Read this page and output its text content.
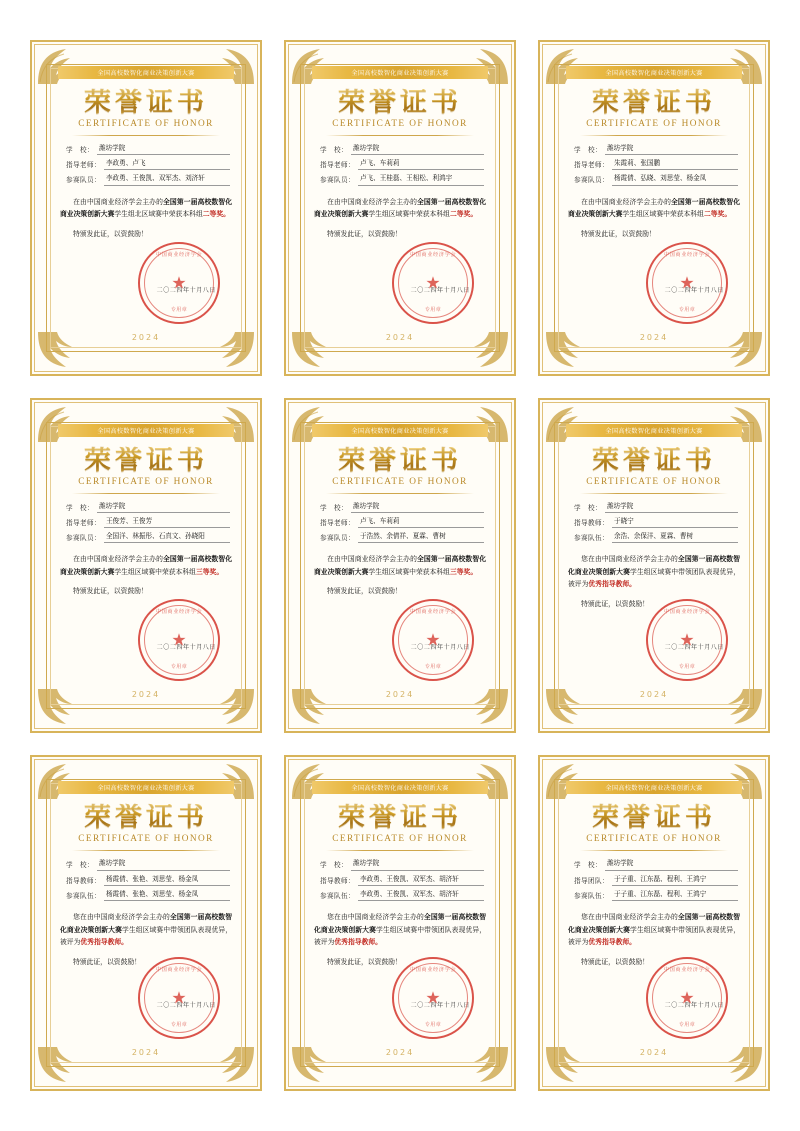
全国高校数智化商业决策创新大赛
荣誉证书
CERTIFICATE OF HONOR
学　校： 潍坊学院
指导老师： 李政勇、卢飞
参赛队员： 李政勇、王俊凯、双军杰、刘济轩
在由中国商业经济学会主办的全国第一届高校数智化商业决策创新大赛学生组北区域赛中荣获本科组二等奖。
特颁发此证，以资鼓励！
二〇二四年十月八日
中国商业经济学会
★
专用章
2024
全国高校数智化商业决策创新大赛
荣誉证书
CERTIFICATE OF HONOR
学　校： 潍坊学院
指导老师： 卢飞、车莉莉
参赛队员： 卢飞、王桂磊、王相松、利鸿宇
在由中国商业经济学会主办的全国第一届高校数智化商业决策创新大赛学生组区域赛中荣获本科组二等奖。
特颁发此证，以资鼓励！
二〇二四年十月八日
中国商业经济学会
★
专用章
2024
全国高校数智化商业决策创新大赛
荣誉证书
CERTIFICATE OF HONOR
学　校： 潍坊学院
指导老师： 朱霞莉、张国鹏
参赛队员： 杨霞倩、弘晓、刘思莹、杨金凤
在由中国商业经济学会主办的全国第一届高校数智化商业决策创新大赛学生组区域赛中荣获本科组二等奖。
特颁发此证，以资鼓励！
二〇二四年十月八日
中国商业经济学会
★
专用章
2024
全国高校数智化商业决策创新大赛
荣誉证书
CERTIFICATE OF HONOR
学　校： 潍坊学院
指导老师： 王俊芳、王俊芳
参赛队员： 全国洋、林振彤、石真文、孙晓阳
在由中国商业经济学会主办的全国第一届高校数智化商业决策创新大赛学生组区域赛中荣获本科组三等奖。
特颁发此证，以资鼓励！
二〇二四年十月八日
中国商业经济学会
★
专用章
2024
全国高校数智化商业决策创新大赛
荣誉证书
CERTIFICATE OF HONOR
学　校： 潍坊学院
指导老师： 卢飞、车莉莉
参赛队员： 于浩然、余倩祥、夏霖、曹树
在由中国商业经济学会主办的全国第一届高校数智化商业决策创新大赛学生组区域赛中荣获本科组三等奖。
特颁发此证，以资鼓励！
二〇二四年十月八日
中国商业经济学会
★
专用章
2024
全国高校数智化商业决策创新大赛
荣誉证书
CERTIFICATE OF HONOR
学　校： 潍坊学院
指导教师： 于晓宁
参赛队伍： 余浩、余保洋、夏霖、曹树
您在由中国商业经济学会主办的全国第一届高校数智化商业决策创新大赛学生组区域赛中带领团队表现优异，被评为优秀指导教师。
特颁此证，以资鼓励！
二〇二四年十月八日
中国商业经济学会
★
专用章
2024
全国高校数智化商业决策创新大赛
荣誉证书
CERTIFICATE OF HONOR
学　校： 潍坊学院
指导教师： 杨霞倩、张艳、刘思莹、杨金凤
参赛队伍： 杨霞倩、张艳、刘思莹、杨金凤
您在由中国商业经济学会主办的全国第一届高校数智化商业决策创新大赛学生组区域赛中带领团队表现优异，被评为优秀指导教师。
特颁此证，以资鼓励！
二〇二四年十月八日
中国商业经济学会
★
专用章
2024
全国高校数智化商业决策创新大赛
荣誉证书
CERTIFICATE OF HONOR
学　校： 潍坊学院
指导教师： 李政勇、王俊凯、双军杰、胡济轩
参赛队伍： 李政勇、王俊凯、双军杰、胡济轩
您在由中国商业经济学会主办的全国第一届高校数智化商业决策创新大赛学生组区域赛中带领团队表现优异，被评为优秀指导教师。
特颁发此证，以资鼓励！
二〇二四年十月八日
中国商业经济学会
★
专用章
2024
全国高校数智化商业决策创新大赛
荣誉证书
CERTIFICATE OF HONOR
学　校： 潍坊学院
指导团队： 于子重、江东磊、程利、王鸿宁
参赛队伍： 于子重、江东磊、程利、王鸿宁
您在由中国商业经济学会主办的全国第一届高校数智化商业决策创新大赛学生组区域赛中带领团队表现优异，被评为优秀指导教师。
特颁此证，以资鼓励！
二〇二四年十月八日
中国商业经济学会
★
专用章
2024
